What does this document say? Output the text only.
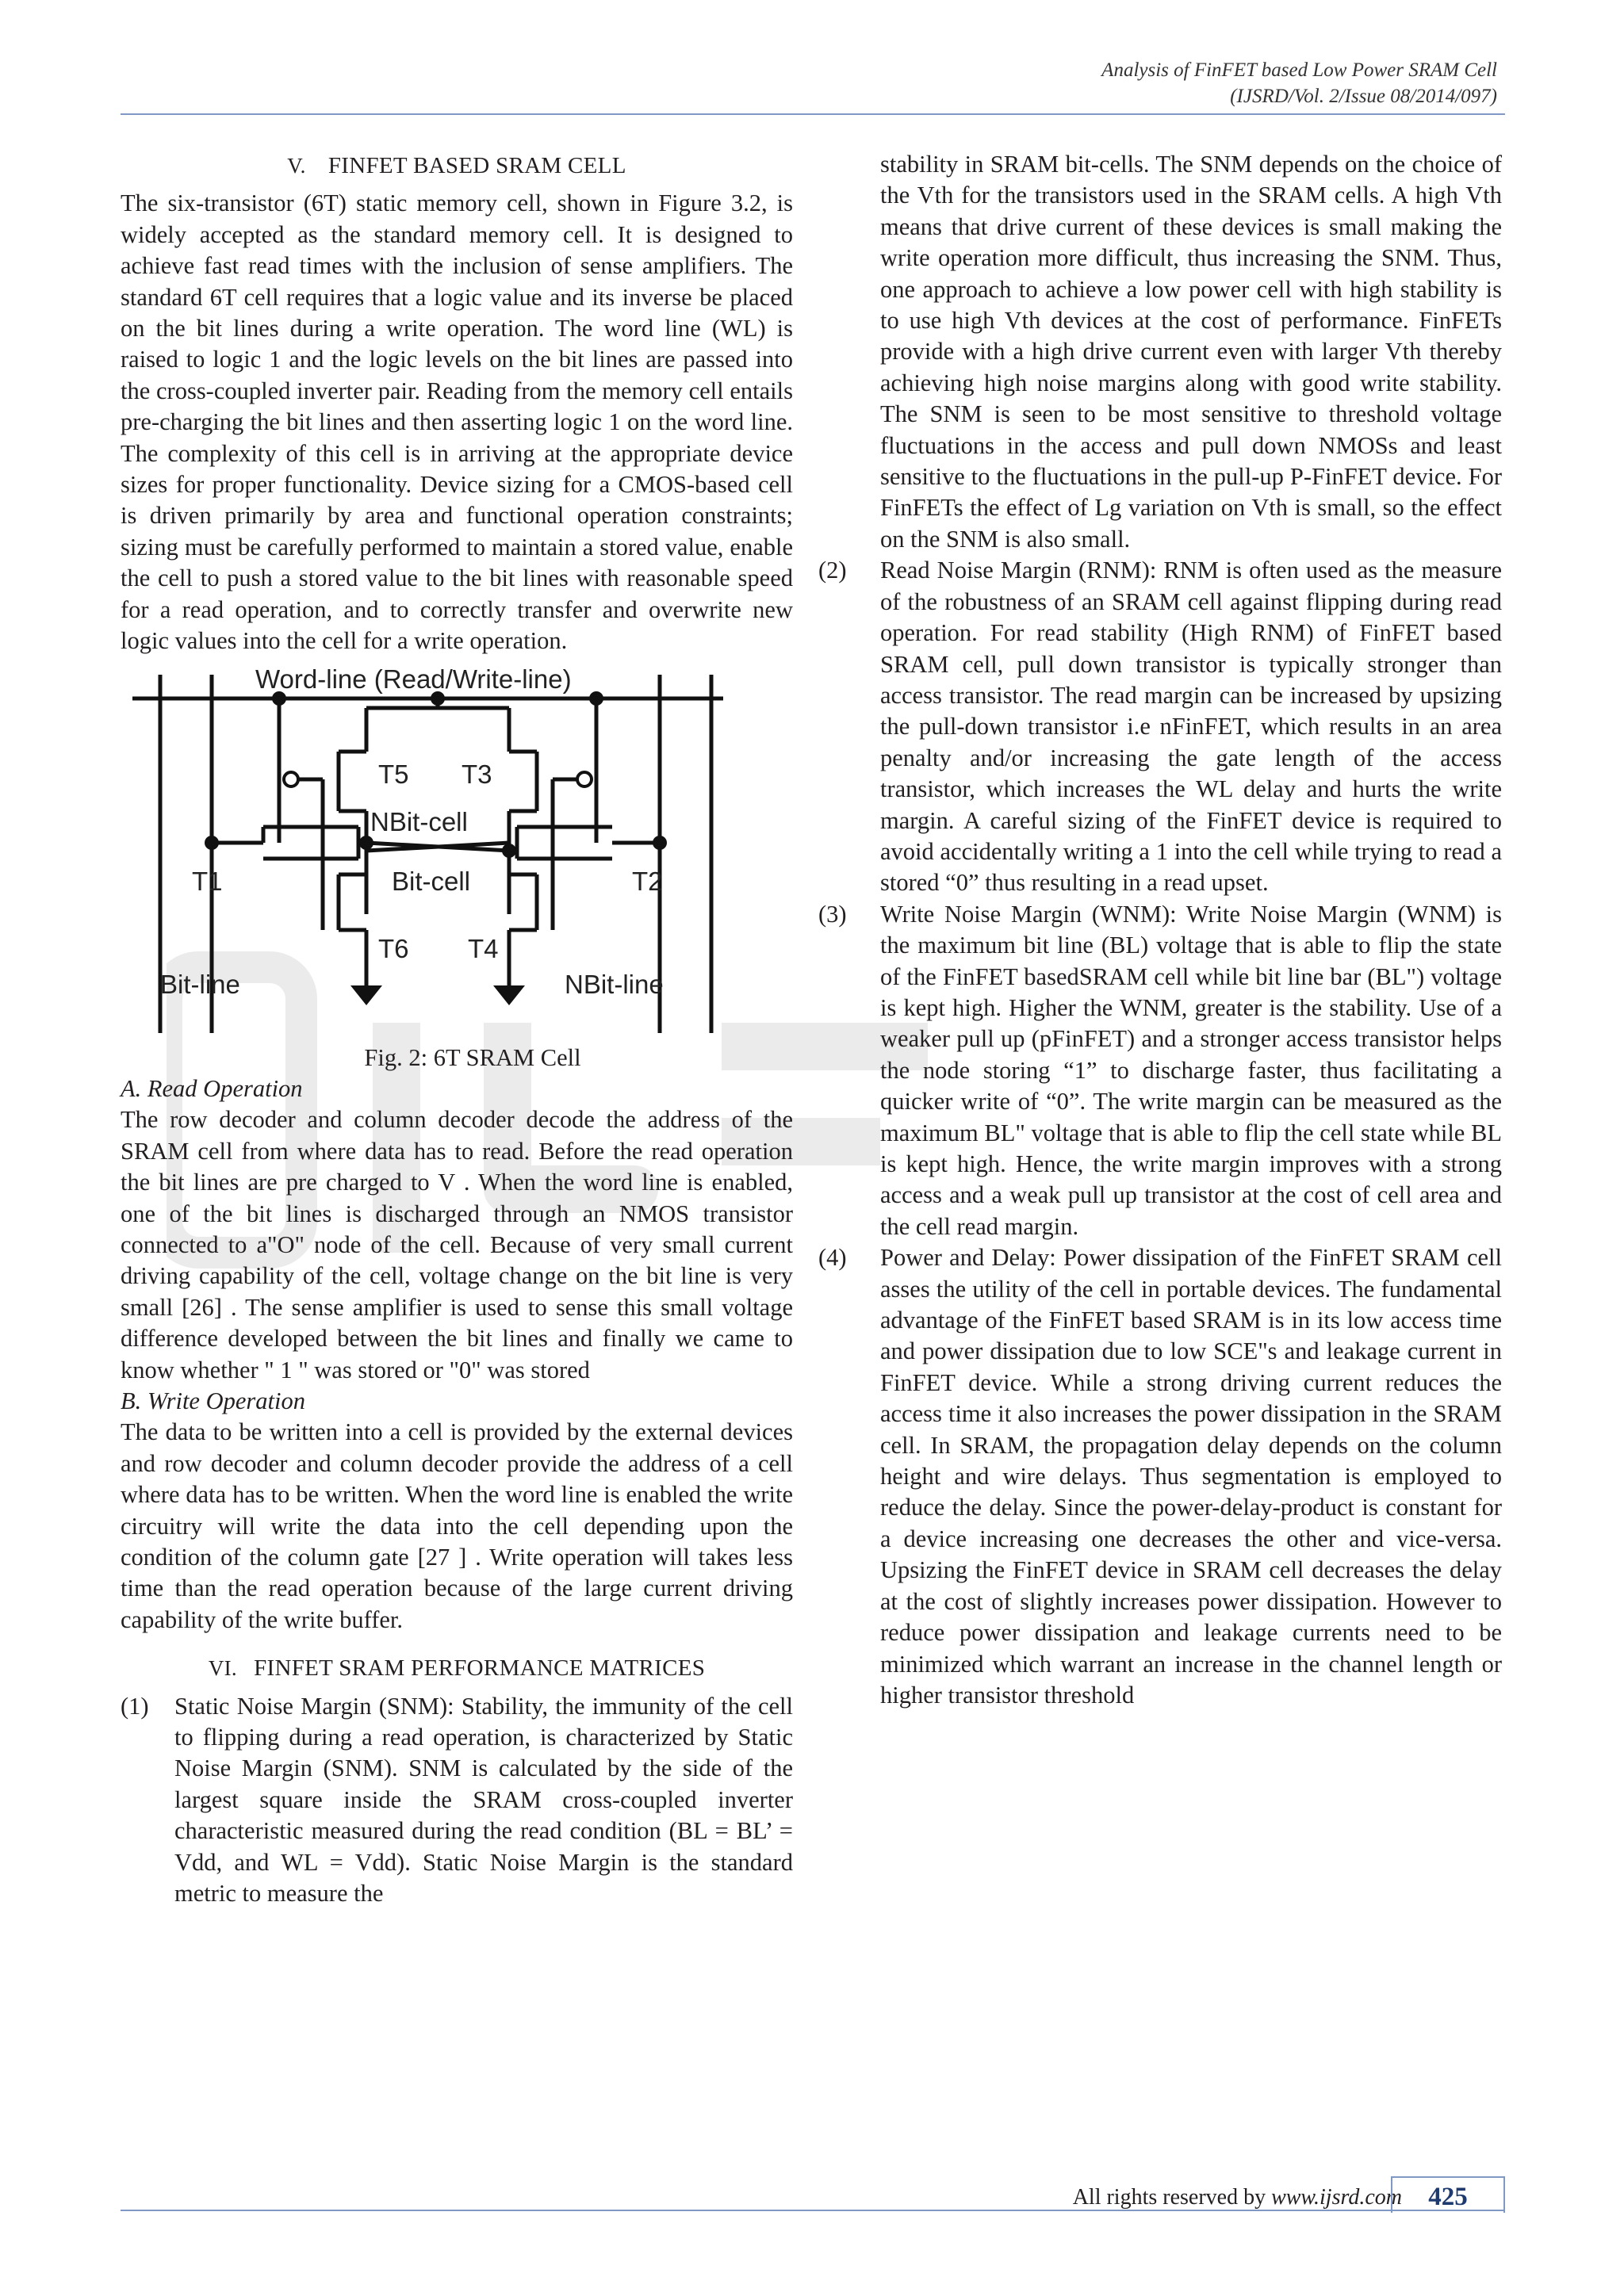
Analysis of FinFET based Low Power SRAM Cell
(IJSRD/Vol. 2/Issue 08/2014/097)
V. FINFET BASED SRAM CELL

The six-transistor (6T) static memory cell, shown in Figure 3.2, is widely accepted as the standard memory cell. It is designed to achieve fast read times with the inclusion of sense amplifiers. The standard 6T cell requires that a logic value and its inverse be placed on the bit lines during a write operation. The word line (WL) is raised to logic 1 and the logic levels on the bit lines are passed into the cross-coupled inverter pair. Reading from the memory cell entails pre-charging the bit lines and then asserting logic 1 on the word line. The complexity of this cell is in arriving at the appropriate device sizes for proper functionality. Device sizing for a CMOS-based cell is driven primarily by area and functional operation constraints; sizing must be carefully performed to maintain a stored value, enable the cell to push a stored value to the bit lines with reasonable speed for a read operation, and to correctly transfer and overwrite new logic values into the cell for a write operation.

Word-line (Read/Write-line)
T5 T3
NBit-cell
T1	Bit-cell	T2
T6 T4
Bit-line	NBit-line

Fig. 2: 6T SRAM Cell

A. Read Operation

The row decoder and column decoder decode the address of the SRAM cell from where data has to read. Before the read operation the bit lines are pre charged to V . When the word line is enabled, one of the bit lines is discharged through an NMOS transistor connected to a"O" node of the cell. Because of very small current driving capability of the cell, voltage change on the bit line is very small [26] . The sense amplifier is used to sense this small voltage difference developed between the bit lines and finally we came to know whether " 1 " was stored or "0" was stored

B. Write Operation

The data to be written into a cell is provided by the external devices and row decoder and column decoder provide the address of a cell where data has to be written. When the word line is enabled the write circuitry will write the data into the cell depending upon the condition of the column gate [27 ] . Write operation will takes less time than the read operation because of the large current driving capability of the write buffer.

VI. FINFET SRAM PERFORMANCE MATRICES
(1) Static Noise Margin (SNM): Stability, the immunity of the cell to flipping during a read operation, is characterized by Static Noise Margin (SNM). SNM is calculated by the side of the largest square inside the SRAM cross-coupled inverter characteristic measured during the read condition (BL = BL’ = Vdd, and WL = Vdd). Static Noise Margin is the standard metric to measure the

stability in SRAM bit-cells. The SNM depends on the choice of the Vth for the transistors used in the SRAM cells. A high Vth means that drive current of these devices is small making the write operation more difficult, thus increasing the SNM. Thus, one approach to achieve a low power cell with high stability is to use high Vth devices at the cost of performance. FinFETs provide with a high drive current even with larger Vth thereby achieving high noise margins along with good write stability. The SNM is seen to be most sensitive to threshold voltage fluctuations in the access and pull down NMOSs and least sensitive to the fluctuations in the pull-up P-FinFET device. For FinFETs the effect of Lg variation on Vth is small, so the effect on the SNM is also small.

(2) Read Noise Margin (RNM): RNM is often used as the measure of the robustness of an SRAM cell against flipping during read operation. For read stability (High RNM) of FinFET based SRAM cell, pull down transistor is typically stronger than access transistor. The read margin can be increased by upsizing the pull-down transistor i.e nFinFET, which results in an area penalty and/or increasing the gate length of the access transistor, which increases the WL delay and hurts the write margin. A careful sizing of the FinFET device is required to avoid accidentally writing a 1 into the cell while trying to read a stored “0” thus resulting in a read upset.
(3) Write Noise Margin (WNM): Write Noise Margin (WNM) is the maximum bit line (BL) voltage that is able to flip the state of the FinFET basedSRAM cell while bit line bar (BL") voltage is kept high. Higher the WNM, greater is the stability. Use of a weaker pull up (pFinFET) and a stronger access transistor helps the node storing “1” to discharge faster, thus facilitating a quicker write of “0”. The write margin can be measured as the maximum BL" voltage that is able to flip the cell state while BL is kept high. Hence, the write margin improves with a strong access and a weak pull up transistor at the cost of cell area and the cell read margin.
(4) Power and Delay: Power dissipation of the FinFET SRAM cell asses the utility of the cell in portable devices. The fundamental advantage of the FinFET based SRAM is in its low access time and power dissipation due to low SCE"s and leakage current in FinFET device. While a strong driving current reduces the access time it also increases the power dissipation in the SRAM cell. In SRAM, the propagation delay depends on the column height and wire delays. Thus segmentation is employed to reduce the delay. Since the power-delay-product is constant for a device increasing one decreases the other and vice-versa. Upsizing the FinFET device in SRAM cell decreases the delay at the cost of slightly increases power dissipation. However to reduce power dissipation and leakage currents need to be minimized which warrant an increase in the channel length or higher transistor threshold
All rights reserved by www.ijsrd.com	425
